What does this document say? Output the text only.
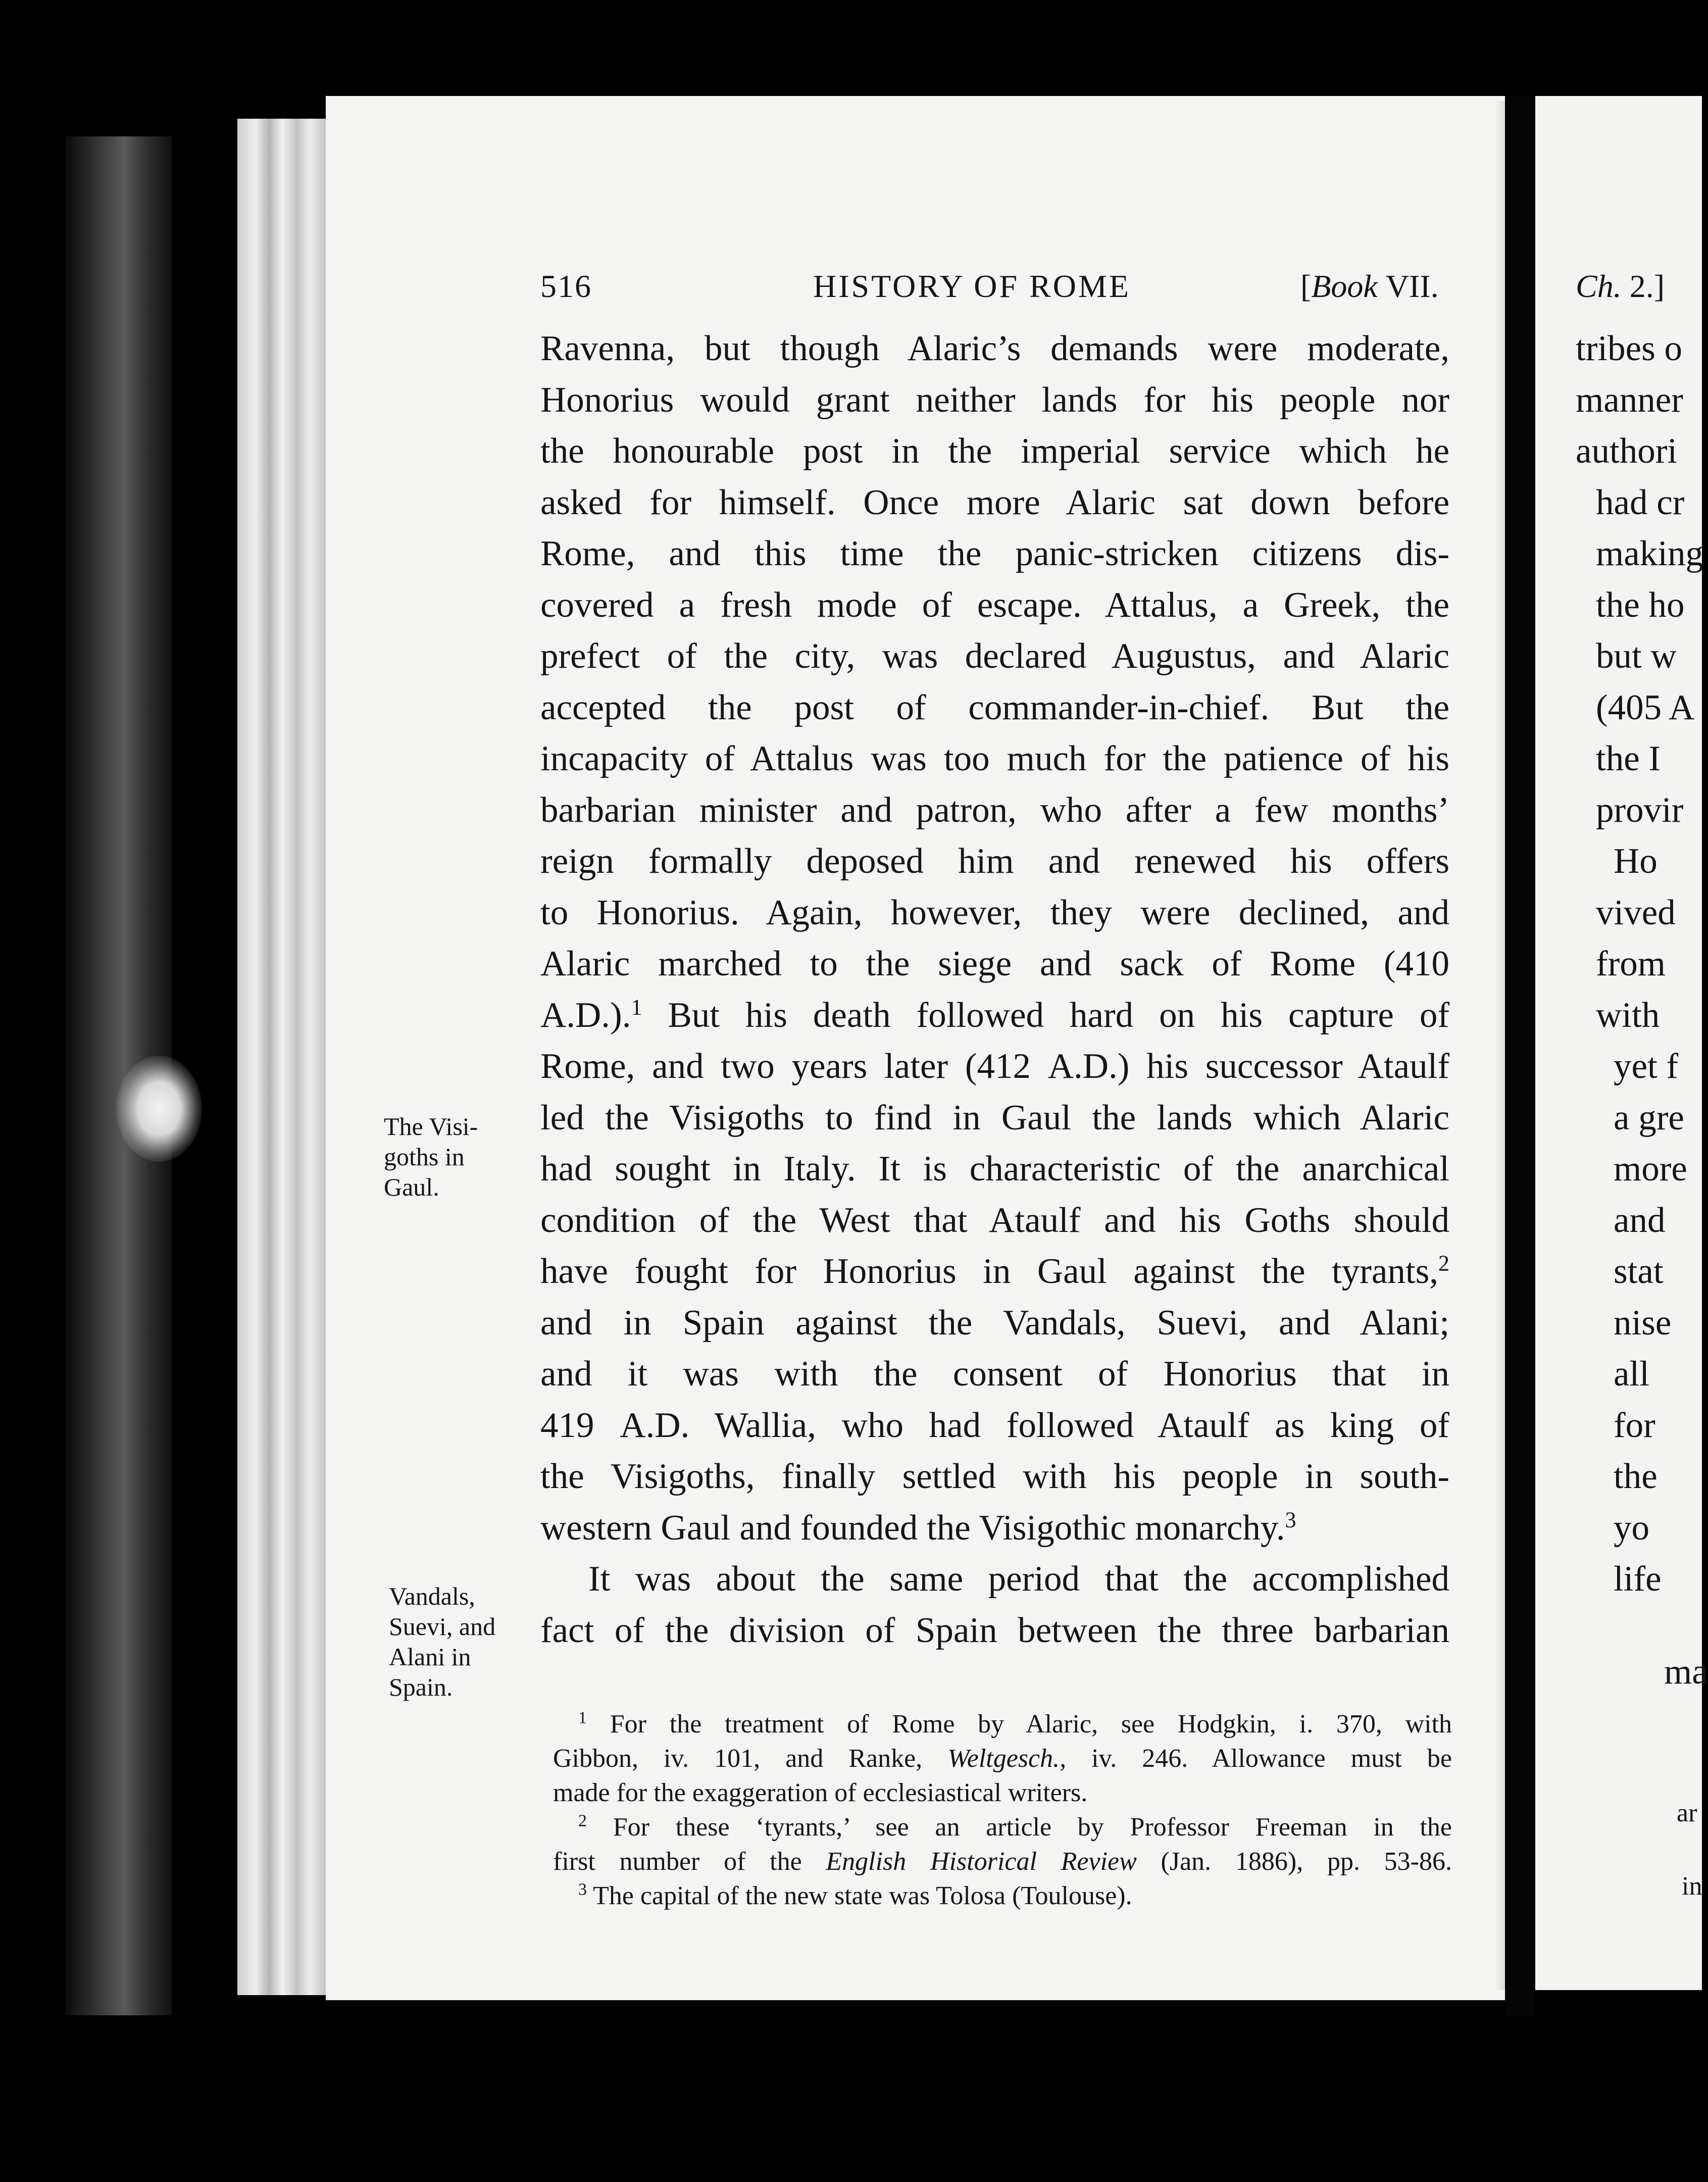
516	HISTORY OF ROME	[Book VII.
Ravenna, but though Alaric’s demands were moderate,
Honorius would grant neither lands for his people nor
the honourable post in the imperial service which he
asked for himself. Once more Alaric sat down before
Rome, and this time the panic-stricken citizens dis-
covered a fresh mode of escape. Attalus, a Greek, the
prefect of the city, was declared Augustus, and Alaric
accepted the post of commander-in-chief. But the
incapacity of Attalus was too much for the patience of his
barbarian minister and patron, who after a few months’
reign formally deposed him and renewed his offers
to Honorius. Again, however, they were declined, and
Alaric marched to the siege and sack of Rome (410
A.D.).$^1$ But his death followed hard on his capture of
Rome, and two years later (412 A.D.) his successor Ataulf
led the Visigoths to find in Gaul the lands which Alaric
had sought in Italy. It is characteristic of the anarchical
condition of the West that Ataulf and his Goths should
have fought for Honorius in Gaul against the tyrants,$^2$
and in Spain against the Vandals, Suevi, and Alani;
and it was with the consent of Honorius that in
419 A.D. Wallia, who had followed Ataulf as king of
the Visigoths, finally settled with his people in south-
western Gaul and founded the Visigothic monarchy.$^3$
It was about the same period that the accomplished
fact of the division of Spain between the three barbarian
The Visi-
goths in
Gaul.
Vandals,
Suevi, and
Alani in
Spain.
$^1$ For the treatment of Rome by Alaric, see Hodgkin, i. 370, with
Gibbon, iv. 101, and Ranke, Weltgesch., iv. 246. Allowance must be
made for the exaggeration of ecclesiastical writers.
$^2$ For these ‘tyrants,’ see an article by Professor Freeman in the
first number of the English Historical Review (Jan. 1886), pp. 53-86.
$^3$ The capital of the new state was Tolosa (Toulouse).
Ch. 2.]
tribes o
manner
authori
had cr
making
the ho
but w
(405 A
the I
provir
Ho
vived
from
with
yet f
a gre
more
and
stat
nise
all
for
the
yo
life
ma
ar
in
